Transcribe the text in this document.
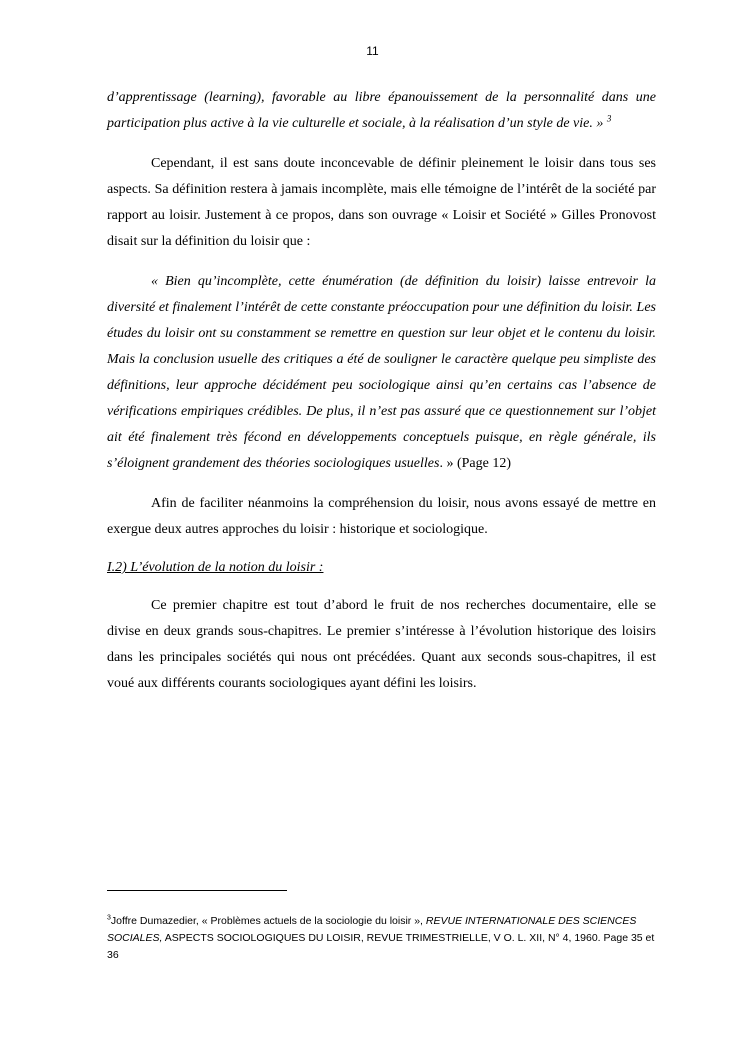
11

d’apprentissage (learning), favorable au libre épanouissement de la personnalité dans une participation plus active à la vie culturelle et sociale, à la réalisation d’un style de vie. » $^3$

Cependant, il est sans doute inconcevable de définir pleinement le loisir dans tous ses aspects. Sa définition restera à jamais incomplète, mais elle témoigne de l’intérêt de la société par rapport au loisir. Justement à ce propos, dans son ouvrage « Loisir et Société » Gilles Pronovost disait sur la définition du loisir que :

« Bien qu’incomplète, cette énumération (de définition du loisir) laisse entrevoir la diversité et finalement l’intérêt de cette constante préoccupation pour une définition du loisir. Les études du loisir ont su constamment se remettre en question sur leur objet et le contenu du loisir. Mais la conclusion usuelle des critiques a été de souligner le caractère quelque peu simpliste des définitions, leur approche décidément peu sociologique ainsi qu’en certains cas l’absence de vérifications empiriques crédibles. De plus, il n’est pas assuré que ce questionnement sur l’objet ait été finalement très fécond en développements conceptuels puisque, en règle générale, ils s’éloignent grandement des théories sociologiques usuelles. » (Page 12)

Afin de faciliter néanmoins la compréhension du loisir, nous avons essayé de mettre en exergue deux autres approches du loisir : historique et sociologique.

I.2) L’évolution de la notion du loisir :

Ce premier chapitre est tout d’abord le fruit de nos recherches documentaire, elle se divise en deux grands sous-chapitres. Le premier s’intéresse à l’évolution historique des loisirs dans les principales sociétés qui nous ont précédées. Quant aux seconds sous-chapitres, il est voué aux différents courants sociologiques ayant défini les loisirs.

$^3$Joffre Dumazedier, « Problèmes actuels de la sociologie du loisir », REVUE INTERNATIONALE DES SCIENCES SOCIALES, ASPECTS SOCIOLOGIQUES DU LOISIR, REVUE TRIMESTRIELLE, V O. L. XII, N° 4, 1960. Page 35 et 36
